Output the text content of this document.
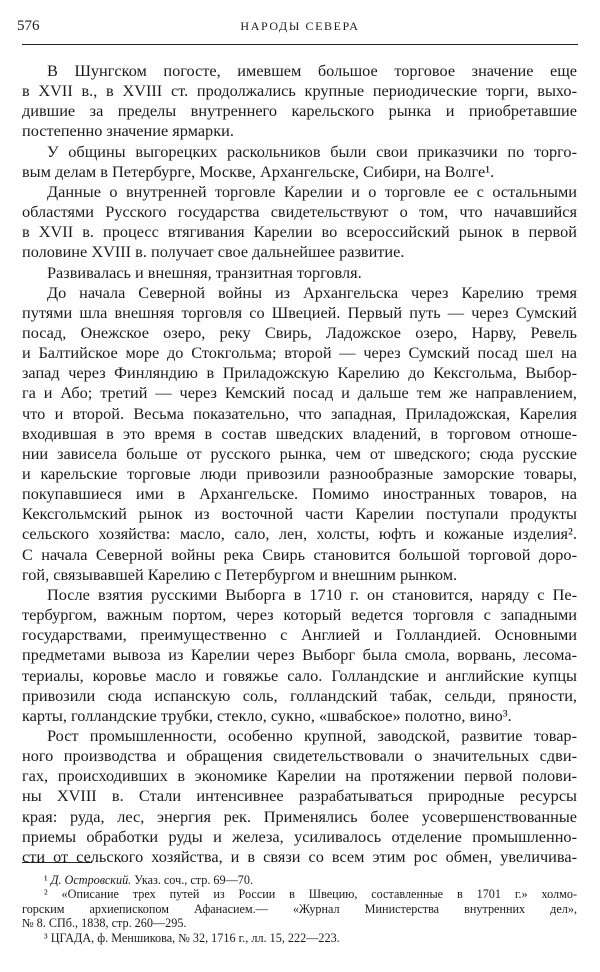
576	НАРОДЫ СЕВЕРА
В Шунгском погосте, имевшем большое торговое значение еще
в XVII в., в XVIII ст. продолжались крупные периодические торги, выхо-
дившие за пределы внутреннего карельского рынка и приобретавшие
постепенно значение ярмарки.
У общины выгорецких раскольников были свои приказчики по торго-
вым делам в Петербурге, Москве, Архангельске, Сибири, на Волге¹.
Данные о внутренней торговле Карелии и о торговле ее с остальными
областями Русского государства свидетельствуют о том, что начавшийся
в XVII в. процесс втягивания Карелии во всероссийский рынок в первой
половине XVIII в. получает свое дальнейшее развитие.
Развивалась и внешняя, транзитная торговля.
До начала Северной войны из Архангельска через Карелию тремя
путями шла внешняя торговля со Швецией. Первый путь — через Сумский
посад, Онежское озеро, реку Свирь, Ладожское озеро, Нарву, Ревель
и Балтийское море до Стокгольма; второй — через Сумский посад шел на
запад через Финляндию в Приладожскую Карелию до Кексгольма, Выбор-
га и Або; третий — через Кемский посад и дальше тем же направлением,
что и второй. Весьма показательно, что западная, Приладожская, Карелия
входившая в это время в состав шведских владений, в торговом отноше-
нии зависела больше от русского рынка, чем от шведского; сюда русские
и карельские торговые люди привозили разнообразные заморские товары,
покупавшиеся ими в Архангельске. Помимо иностранных товаров, на
Кексгольмский рынок из восточной части Карелии поступали продукты
сельского хозяйства: масло, сало, лен, холсты, юфть и кожаные изделия².
С начала Северной войны река Свирь становится большой торговой доро-
гой, связывавшей Карелию с Петербургом и внешним рынком.
После взятия русскими Выборга в 1710 г. он становится, наряду с Пе-
тербургом, важным портом, через который ведется торговля с западными
государствами, преимущественно с Англией и Голландией. Основными
предметами вывоза из Карелии через Выборг была смола, ворвань, лесома-
териалы, коровье масло и говяжье сало. Голландские и английские купцы
привозили сюда испанскую соль, голландский табак, сельди, пряности,
карты, голландские трубки, стекло, сукно, «швабское» полотно, вино³.
Рост промышленности, особенно крупной, заводской, развитие товар-
ного производства и обращения свидетельствовали о значительных сдви-
гах, происходивших в экономике Карелии на протяжении первой полови-
ны XVIII в. Стали интенсивнее разрабатываться природные ресурсы
края: руда, лес, энергия рек. Применялись более усовершенствованные
приемы обработки руды и железа, усиливалось отделение промышленно-
сти от сельского хозяйства, и в связи со всем этим рос обмен, увеличива-
¹ Д. Островский. Указ. соч., стр. 69—70.
² «Описание трех путей из России в Швецию, составленные в 1701 г.» холмо-
горским архиепископом Афанасием.— «Журнал Министерства внутренних дел»,
№ 8. СПб., 1838, стр. 260—295.
³ ЦГАДА, ф. Меншикова, № 32, 1716 г., лл. 15, 222—223.
